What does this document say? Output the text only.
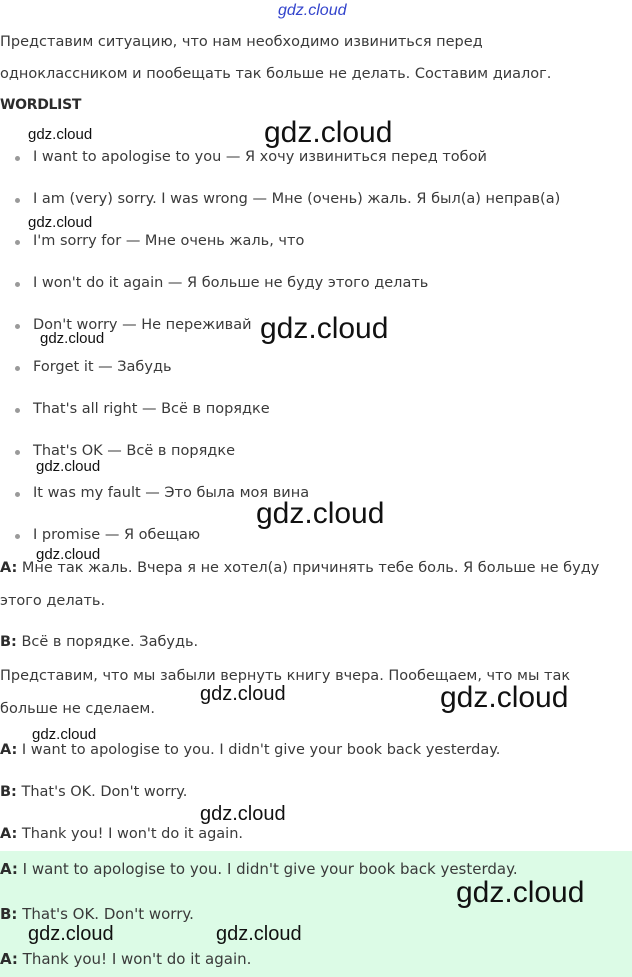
gdz.cloud
Представим ситуацию, что нам необходимо извиниться перед
одноклассником и пообещать так больше не делать. Составим диалог.
WORDLIST
I want to apologise to you — Я хочу извиниться перед тобой
I am (very) sorry. I was wrong — Мне (очень) жаль. Я был(а) неправ(а)
I'm sorry for — Мне очень жаль, что
I won't do it again — Я больше не буду этого делать
Don't worry — Не переживай
Forget it — Забудь
That's all right — Всё в порядке
That's OK — Всё в порядке
It was my fault — Это была моя вина
I promise — Я обещаю
A: Мне так жаль. Вчера я не хотел(а) причинять тебе боль. Я больше не буду
этого делать.
B: Всё в порядке. Забудь.
Представим, что мы забыли вернуть книгу вчера. Пообещаем, что мы так
больше не сделаем.
A: I want to apologise to you. I didn't give your book back yesterday.
B: That's OK. Don't worry.
A: Thank you! I won't do it again.
A: I want to apologise to you. I didn't give your book back yesterday.
B: That's OK. Don't worry.
A: Thank you! I won't do it again.
gdz.cloud	gdz.cloud
gdz.cloud
gdz.cloud	gdz.cloud
gdz.cloud
gdz.cloud
gdz.cloud
gdz.cloud	gdz.cloud
gdz.cloud
gdz.cloud
gdz.cloud
gdz.cloud	gdz.cloud
